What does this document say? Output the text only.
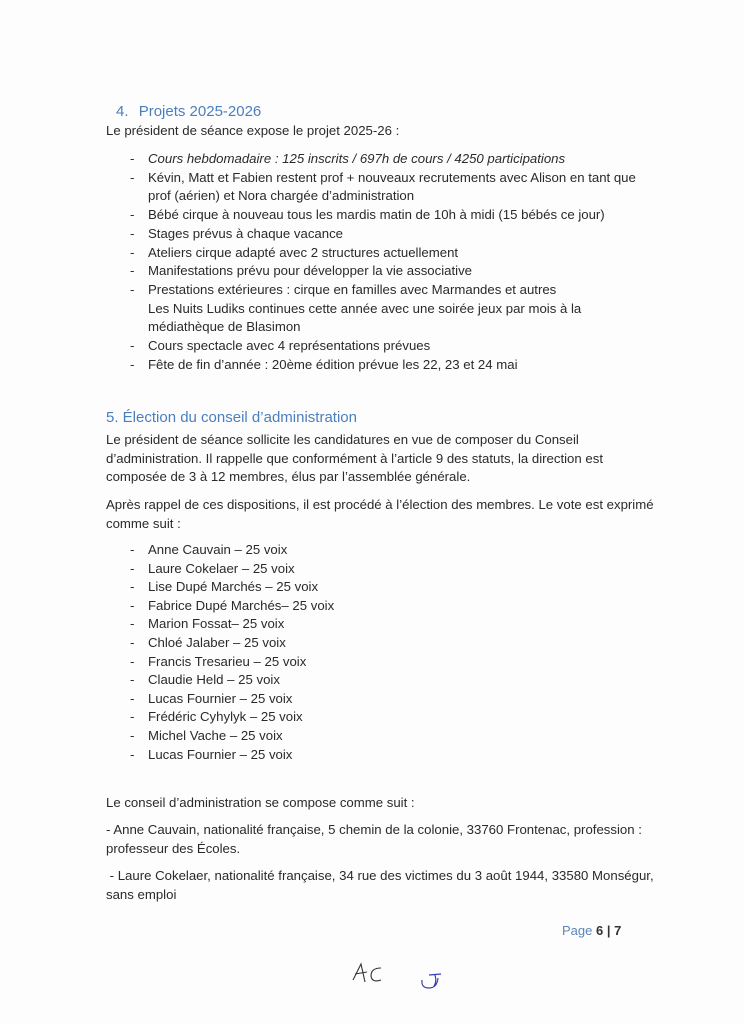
4. Projets 2025-2026
Le président de séance expose le projet 2025-26 :
- Cours hebdomadaire : 125 inscrits / 697h de cours / 4250 participations
- Kévin, Matt et Fabien restent prof + nouveaux recrutements avec Alison en tant que
prof (aérien) et Nora chargée d’administration
- Bébé cirque à nouveau tous les mardis matin de 10h à midi (15 bébés ce jour)
- Stages prévus à chaque vacance
- Ateliers cirque adapté avec 2 structures actuellement
- Manifestations prévu pour développer la vie associative
- Prestations extérieures : cirque en familles avec Marmandes et autres
Les Nuits Ludiks continues cette année avec une soirée jeux par mois à la
médiathèque de Blasimon
- Cours spectacle avec 4 représentations prévues
- Fête de fin d’année : 20ème édition prévue les 22, 23 et 24 mai
5. Élection du conseil d’administration
Le président de séance sollicite les candidatures en vue de composer du Conseil
d’administration. Il rappelle que conformément à l’article 9 des statuts, la direction est
composée de 3 à 12 membres, élus par l’assemblée générale.
Après rappel de ces dispositions, il est procédé à l’élection des membres. Le vote est exprimé
comme suit :
- Anne Cauvain – 25 voix
- Laure Cokelaer – 25 voix
- Lise Dupé Marchés – 25 voix
- Fabrice Dupé Marchés– 25 voix
- Marion Fossat– 25 voix
- Chloé Jalaber – 25 voix
- Francis Tresarieu – 25 voix
- Claudie Held – 25 voix
- Lucas Fournier – 25 voix
- Frédéric Cyhylyk – 25 voix
- Michel Vache – 25 voix
- Lucas Fournier – 25 voix
Le conseil d’administration se compose comme suit :
- Anne Cauvain, nationalité française, 5 chemin de la colonie, 33760 Frontenac, profession :
professeur des Écoles.
- Laure Cokelaer, nationalité française, 34 rue des victimes du 3 août 1944, 33580 Monségur,
sans emploi
Page 6 | 7
